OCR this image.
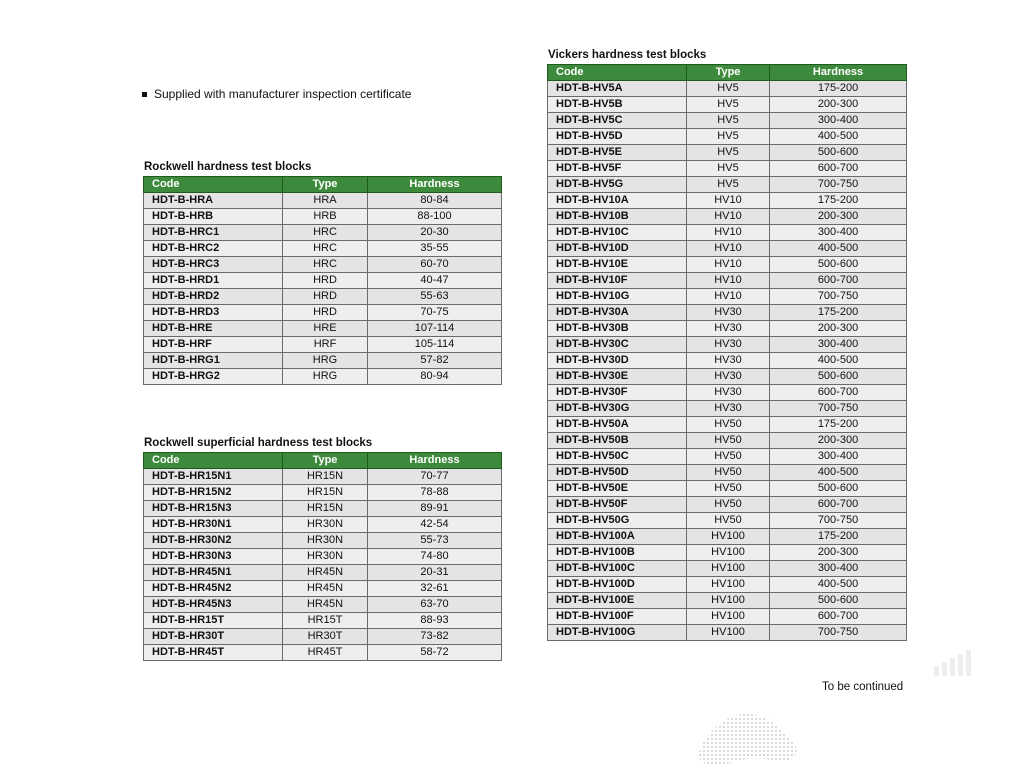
Supplied with manufacturer inspection certificate
Rockwell hardness test blocks
Code	Type	Hardness
HDT-B-HRA	HRA	80-84
HDT-B-HRB	HRB	88-100
HDT-B-HRC1	HRC	20-30
HDT-B-HRC2	HRC	35-55
HDT-B-HRC3	HRC	60-70
HDT-B-HRD1	HRD	40-47
HDT-B-HRD2	HRD	55-63
HDT-B-HRD3	HRD	70-75
HDT-B-HRE	HRE	107-114
HDT-B-HRF	HRF	105-114
HDT-B-HRG1	HRG	57-82
HDT-B-HRG2	HRG	80-94
Rockwell superficial hardness test blocks
Code	Type	Hardness
HDT-B-HR15N1	HR15N	70-77
HDT-B-HR15N2	HR15N	78-88
HDT-B-HR15N3	HR15N	89-91
HDT-B-HR30N1	HR30N	42-54
HDT-B-HR30N2	HR30N	55-73
HDT-B-HR30N3	HR30N	74-80
HDT-B-HR45N1	HR45N	20-31
HDT-B-HR45N2	HR45N	32-61
HDT-B-HR45N3	HR45N	63-70
HDT-B-HR15T	HR15T	88-93
HDT-B-HR30T	HR30T	73-82
HDT-B-HR45T	HR45T	58-72
Vickers hardness test blocks
Code	Type	Hardness
HDT-B-HV5A	HV5	175-200
HDT-B-HV5B	HV5	200-300
HDT-B-HV5C	HV5	300-400
HDT-B-HV5D	HV5	400-500
HDT-B-HV5E	HV5	500-600
HDT-B-HV5F	HV5	600-700
HDT-B-HV5G	HV5	700-750
HDT-B-HV10A	HV10	175-200
HDT-B-HV10B	HV10	200-300
HDT-B-HV10C	HV10	300-400
HDT-B-HV10D	HV10	400-500
HDT-B-HV10E	HV10	500-600
HDT-B-HV10F	HV10	600-700
HDT-B-HV10G	HV10	700-750
HDT-B-HV30A	HV30	175-200
HDT-B-HV30B	HV30	200-300
HDT-B-HV30C	HV30	300-400
HDT-B-HV30D	HV30	400-500
HDT-B-HV30E	HV30	500-600
HDT-B-HV30F	HV30	600-700
HDT-B-HV30G	HV30	700-750
HDT-B-HV50A	HV50	175-200
HDT-B-HV50B	HV50	200-300
HDT-B-HV50C	HV50	300-400
HDT-B-HV50D	HV50	400-500
HDT-B-HV50E	HV50	500-600
HDT-B-HV50F	HV50	600-700
HDT-B-HV50G	HV50	700-750
HDT-B-HV100A	HV100	175-200
HDT-B-HV100B	HV100	200-300
HDT-B-HV100C	HV100	300-400
HDT-B-HV100D	HV100	400-500
HDT-B-HV100E	HV100	500-600
HDT-B-HV100F	HV100	600-700
HDT-B-HV100G	HV100	700-750
To be continued
